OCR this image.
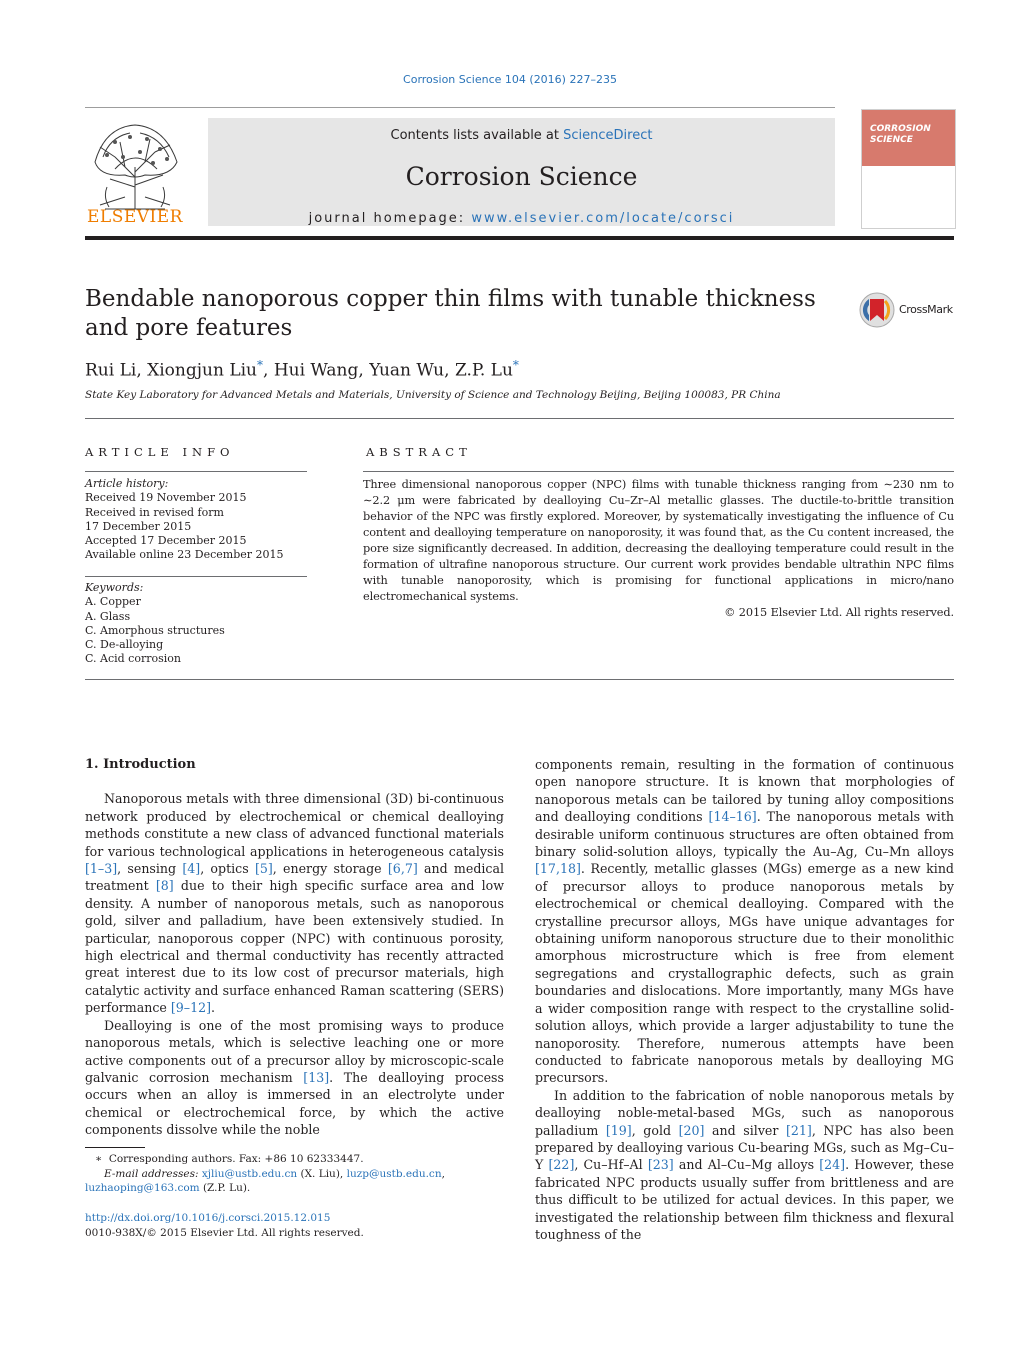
Corrosion Science 104 (2016) 227–235
ELSEVIER
Contents lists available at ScienceDirect
Corrosion Science
journal homepage: www.elsevier.com/locate/corsci
CORROSION SCIENCE
Bendable nanoporous copper thin films with tunable thickness and pore features
CrossMark
Rui Li, Xiongjun Liu*, Hui Wang, Yuan Wu, Z.P. Lu*
State Key Laboratory for Advanced Metals and Materials, University of Science and Technology Beijing, Beijing 100083, PR China
ARTICLE INFO
Article history:
Received 19 November 2015
Received in revised form
17 December 2015
Accepted 17 December 2015
Available online 23 December 2015
Keywords:
A. Copper
A. Glass
C. Amorphous structures
C. De-alloying
C. Acid corrosion
ABSTRACT
Three dimensional nanoporous copper (NPC) films with tunable thickness ranging from ∼230 nm to ∼2.2 μm were fabricated by dealloying Cu–Zr–Al metallic glasses. The ductile-to-brittle transition behavior of the NPC was firstly explored. Moreover, by systematically investigating the influence of Cu content and dealloying temperature on nanoporosity, it was found that, as the Cu content increased, the pore size significantly decreased. In addition, decreasing the dealloying temperature could result in the formation of ultrafine nanoporous structure. Our current work provides bendable ultrathin NPC films with tunable nanoporosity, which is promising for functional applications in micro/nano electromechanical systems.
© 2015 Elsevier Ltd. All rights reserved.
1. Introduction

Nanoporous metals with three dimensional (3D) bi-continuous network produced by electrochemical or chemical dealloying methods constitute a new class of advanced functional materials for various technological applications in heterogeneous catalysis [1–3], sensing [4], optics [5], energy storage [6,7] and medical treatment [8] due to their high specific surface area and low density. A number of nanoporous metals, such as nanoporous gold, silver and palladium, have been extensively studied. In particular, nanoporous copper (NPC) with continuous porosity, high electrical and thermal conductivity has recently attracted great interest due to its low cost of precursor materials, high catalytic activity and surface enhanced Raman scattering (SERS) performance [9–12].

Dealloying is one of the most promising ways to produce nanoporous metals, which is selective leaching one or more active components out of a precursor alloy by microscopic-scale galvanic corrosion mechanism [13]. The dealloying process occurs when an alloy is immersed in an electrolyte under chemical or electrochemical force, by which the active components dissolve while the noble

components remain, resulting in the formation of continuous open nanopore structure. It is known that morphologies of nanoporous metals can be tailored by tuning alloy compositions and dealloying conditions [14–16]. The nanoporous metals with desirable uniform continuous structures are often obtained from binary solid-solution alloys, typically the Au–Ag, Cu–Mn alloys [17,18]. Recently, metallic glasses (MGs) emerge as a new kind of precursor alloys to produce nanoporous metals by electrochemical or chemical dealloying. Compared with the crystalline precursor alloys, MGs have unique advantages for obtaining uniform nanoporous structure due to their monolithic amorphous microstructure which is free from element segregations and crystallographic defects, such as grain boundaries and dislocations. More importantly, many MGs have a wider composition range with respect to the crystalline solid-solution alloys, which provide a larger adjustability to tune the nanoporosity. Therefore, numerous attempts have been conducted to fabricate nanoporous metals by dealloying MG precursors.

In addition to the fabrication of noble nanoporous metals by dealloying noble-metal-based MGs, such as nanoporous palladium [19], gold [20] and silver [21], NPC has also been prepared by dealloying various Cu-bearing MGs, such as Mg–Cu–Y [22], Cu–Hf–Al [23] and Al–Cu–Mg alloys [24]. However, these fabricated NPC products usually suffer from brittleness and are thus difficult to be utilized for actual devices. In this paper, we investigated the relationship between film thickness and flexural toughness of the

∗  Corresponding authors. Fax: +86 10 62333447.
E-mail addresses: xjliu@ustb.edu.cn (X. Liu), luzp@ustb.edu.cn,
luzhaoping@163.com (Z.P. Lu).
http://dx.doi.org/10.1016/j.corsci.2015.12.015
0010-938X/© 2015 Elsevier Ltd. All rights reserved.
